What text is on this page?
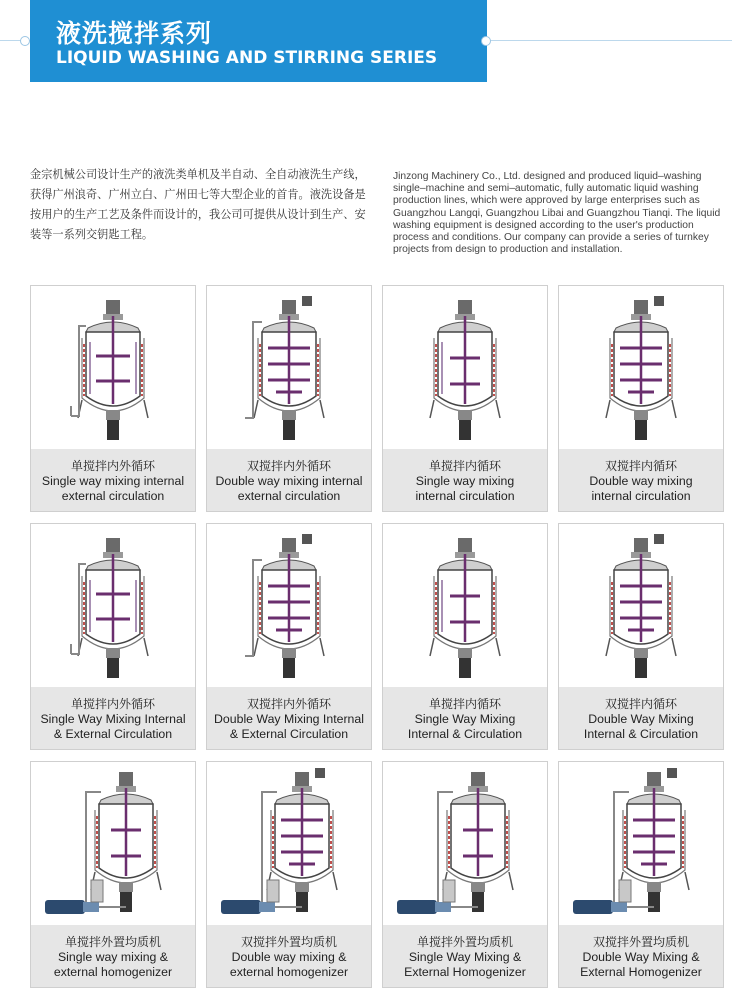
液洗搅拌系列
LIQUID WASHING AND STIRRING SERIES
金宗机械公司设计生产的液洗类单机及半自动、全自动液洗生产线，获得广州浪奇、广州立白、广州田七等大型企业的首肯。液洗设备是按用户的生产工艺及条件而设计的，我公司可提供从设计到生产、安装等一系列交钥匙工程。
Jinzong Machinery Co., Ltd. designed and produced liquid–washing single–machine and semi–automatic, fully automatic liquid washing production lines, which were approved by large enterprises such as Guangzhou Langqi, Guangzhou Libai and Guangzhou Tianqi. The liquid washing equipment is designed according to the user's production process and conditions. Our company can provide a series of turnkey projects from design to production and installation.
单搅拌内外循环
Single way mixing internal
external circulation
双搅拌内外循环
Double way mixing internal
external circulation
单搅拌内循环
Single way mixing
internal circulation
双搅拌内循环
Double way mixing
internal circulation
单搅拌内外循环
Single Way Mixing Internal
& External Circulation
双搅拌内外循环
Double Way Mixing Internal
& External Circulation
单搅拌内循环
Single Way Mixing
Internal & Circulation
双搅拌内循环
Double Way Mixing
Internal & Circulation
单搅拌外置均质机
Single way mixing &
external homogenizer
双搅拌外置均质机
Double way mixing &
external homogenizer
单搅拌外置均质机
Single Way Mixing &
External Homogenizer
双搅拌外置均质机
Double Way Mixing &
External Homogenizer
